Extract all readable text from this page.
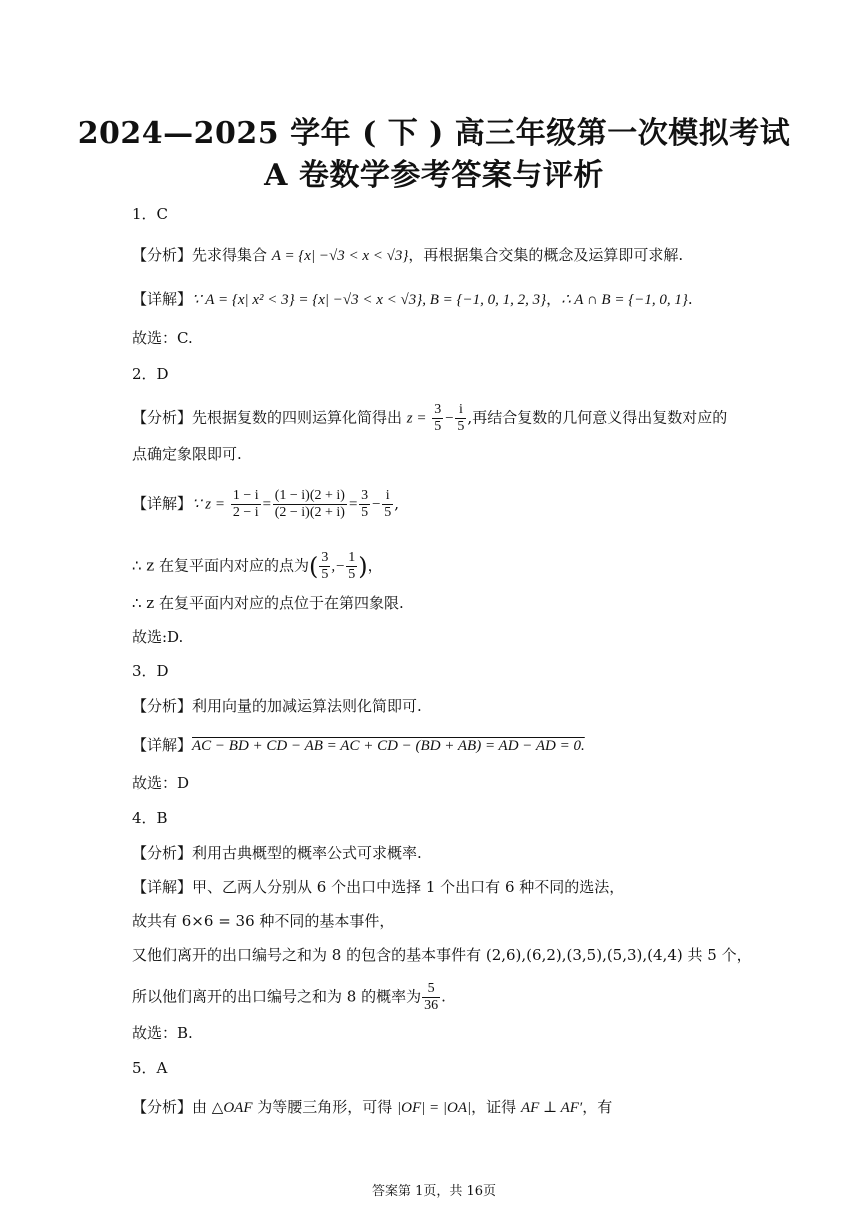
2024—2025 学年 ( 下 ) 高三年级第一次模拟考试
A 卷数学参考答案与评析
1．C
【分析】先求得集合 A = {x| −√3 < x < √3}，再根据集合交集的概念及运算即可求解.
【详解】∵ A = {x| x² < 3} = {x| −√3 < x < √3}, B = {−1, 0, 1, 2, 3}，∴ A ∩ B = {−1, 0, 1}.
故选：C.
2．D
【分析】先根据复数的四则运算化简得出 $z = \frac{3}{5} - \frac{i}{5}$ ,再结合复数的几何意义得出复数对应的
点确定象限即可.
【详解】∵ $z = \frac{1 - i}{2 - i} = \frac{(1 - i)(2 + i)}{(2 - i)(2 + i)} = \frac{3}{5} - \frac{i}{5}$ ,
∴ z 在复平面内对应的点为( $\frac{3}{5}$ ,− $\frac{1}{5}$ )，
∴ z 在复平面内对应的点位于在第四象限.
故选:D.
3．D
【分析】利用向量的加减运算法则化简即可.
【详解】AC − BD + CD − AB = AC + CD − (BD + AB) = AD − AD = 0.
故选：D
4．B
【分析】利用古典概型的概率公式可求概率.
【详解】甲、乙两人分别从 6 个出口中选择 1 个出口有 6 种不同的选法，
故共有 6×6 = 36 种不同的基本事件，
又他们离开的出口编号之和为 8 的包含的基本事件有 (2,6),(6,2),(3,5),(5,3),(4,4) 共 5 个，
所以他们离开的出口编号之和为 8 的概率为 $\frac{5}{36}$ .
故选：B.
5．A
【分析】由 △OAF 为等腰三角形，可得 |OF| = |OA|，证得 AF ⊥ AF′，有
答案第 1页，共 16页
